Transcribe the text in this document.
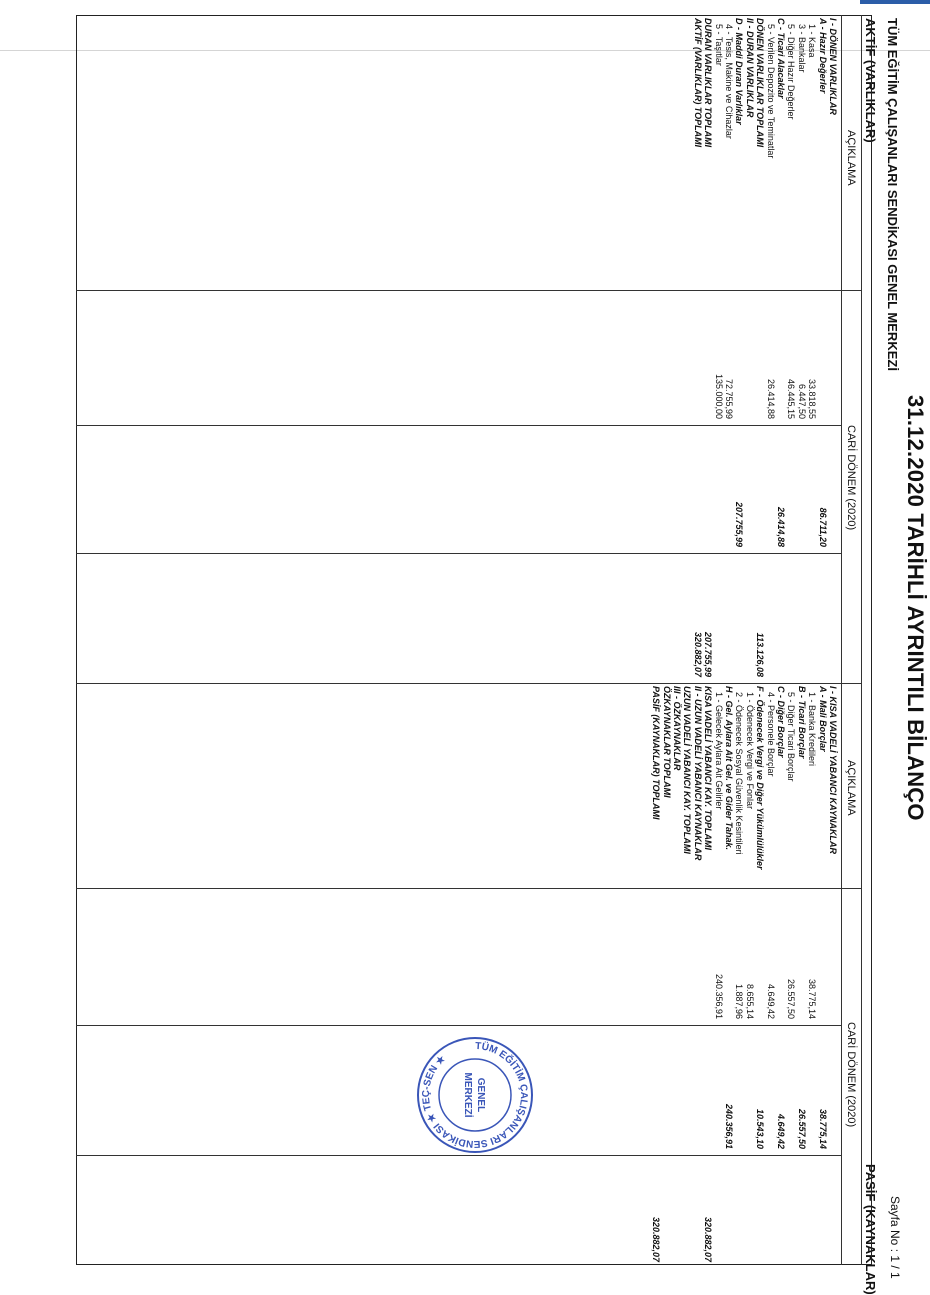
31.12.2020 TARİHLİ AYRINTILI BİLANÇO
TÜM EĞİTİM ÇALIŞANLARI SENDİKASI GENEL MERKEZİ
Sayfa No : 1 / 1
AKTİF (VARLIKLAR)
PASİF (KAYNAKLAR)
AÇIKLAMA
CARİ DÖNEM (2020)
AÇIKLAMA
CARİ DÖNEM (2020)
I - DÖNEN VARLIKLAR
A - Hazır Değerler
86.711,20
1 - Kasa
33.818,55
3 - Bankalar
6.447,50
5 - Diğer Hazır Değerler
46.445,15
C - Ticari Alacaklar
26.414,88
5 - Verilen Depozito ve Teminatlar
26.414,88
DÖNEN VARLIKLAR TOPLAMI
113.126,08
II - DURAN VARLIKLAR
D - Maddi Duran Varlıklar
207.755,99
4 - Tesis, Makine ve Cihazlar
72.755,99
5 - Taşıtlar
135.000,00
DURAN VARLIKLAR TOPLAMI
207.755,99
AKTİF (VARLIKLAR) TOPLAMI
320.882,07
I - KISA VADELİ YABANCI KAYNAKLAR
A - Mali Borçlar
38.775,14
1 - Banka Kredileri
38.775,14
B - Ticari Borçlar
26.557,50
5 - Diğer Ticari Borçlar
26.557,50
C - Diğer Borçlar
4.649,42
4 - Personele Borçlar
4.649,42
F - Ödenecek Vergi ve Diğer Yükümlülükler
10.543,10
1 - Ödenecek Vergi ve Fonlar
8.655,14
2 - Ödenecek Sosyal Güvenlik Kesintileri
1.887,96
H - Gel. Aylara Ait Gel. ve Gider Tahak.
240.356,91
1 - Gelecek Aylara Ait Gelirler
240.356,91
KISA VADELİ YABANCI KAY. TOPLAMI
320.882,07
II - UZUN VADELİ YABANCI KAYNAKLAR
UZUN VADELİ YABANCI KAY. TOPLAMI
III - ÖZKAYNAKLAR
ÖZKAYNAKLAR TOPLAMI
PASİF (KAYNAKLAR) TOPLAMI
320.882,07
TÜM EĞİTİM ÇALIŞANLARI SENDİKASI ★ TEÇ-SEN ★
GENEL
MERKEZİ
